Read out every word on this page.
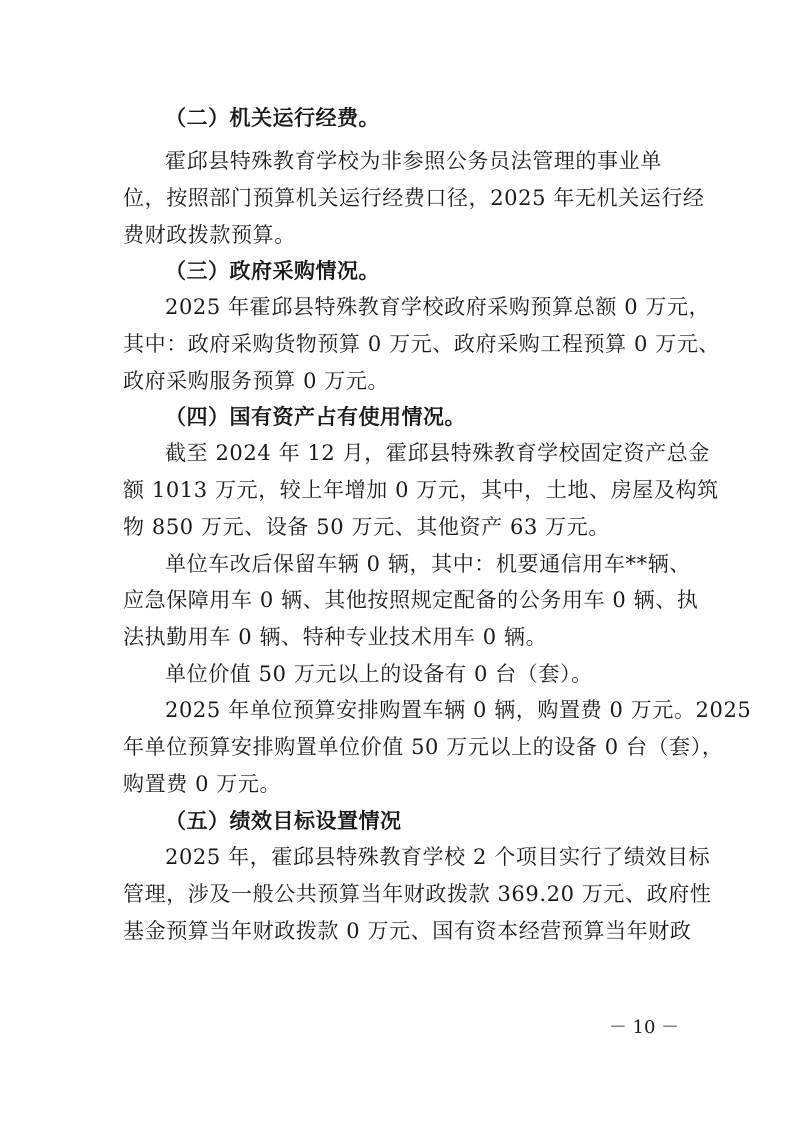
（二）机关运行经费。
霍邱县特殊教育学校为非参照公务员法管理的事业单
位，按照部门预算机关运行经费口径，2025 年无机关运行经
费财政拨款预算。
（三）政府采购情况。
2025 年霍邱县特殊教育学校政府采购预算总额 0 万元，
其中：政府采购货物预算 0 万元、政府采购工程预算 0 万元、
政府采购服务预算 0 万元。
（四）国有资产占有使用情况。
截至 2024 年 12 月，霍邱县特殊教育学校固定资产总金
额 1013 万元，较上年增加 0 万元，其中，土地、房屋及构筑
物 850 万元、设备 50 万元、其他资产 63 万元。
单位车改后保留车辆 0 辆，其中：机要通信用车**辆、
应急保障用车 0 辆、其他按照规定配备的公务用车 0 辆、执
法执勤用车 0 辆、特种专业技术用车 0 辆。
单位价值 50 万元以上的设备有 0 台（套）。
2025 年单位预算安排购置车辆 0 辆，购置费 0 万元。2025
年单位预算安排购置单位价值 50 万元以上的设备 0 台（套），
购置费 0 万元。
（五）绩效目标设置情况
2025 年，霍邱县特殊教育学校 2 个项目实行了绩效目标
管理，涉及一般公共预算当年财政拨款 369.20 万元、政府性
基金预算当年财政拨款 0 万元、国有资本经营预算当年财政
－ 10 －
